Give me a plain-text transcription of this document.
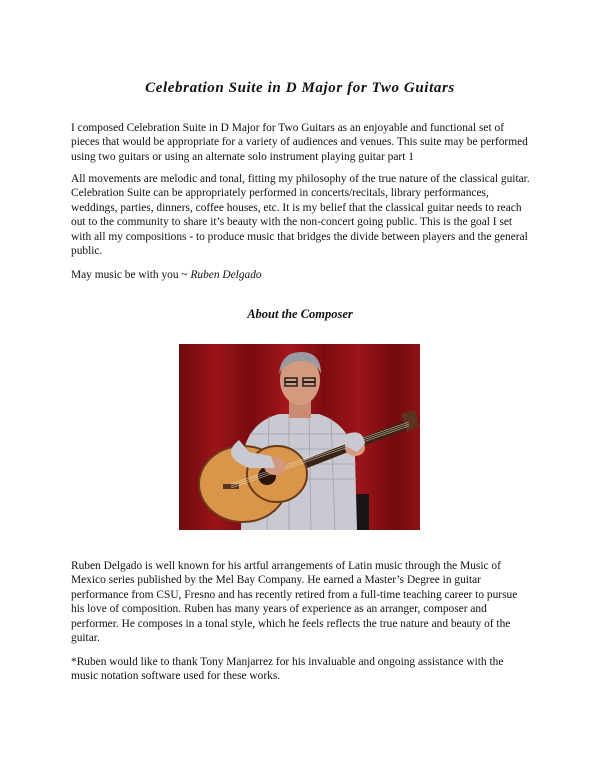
Celebration Suite in D Major for Two Guitars

I composed Celebration Suite in D Major for Two Guitars as an enjoyable and functional set of pieces that would be appropriate for a variety of audiences and venues. This suite may be performed using two guitars or using an alternate solo instrument playing guitar part 1

All movements are melodic and tonal, fitting my philosophy of the true nature of the classical guitar. Celebration Suite can be appropriately performed in concerts/recitals, library performances, weddings, parties, dinners, coffee houses, etc. It is my belief that the classical guitar needs to reach out to the community to share it’s beauty with the non-concert going public. This is the goal I set with all my compositions - to produce music that bridges the divide between players and the general public.

May music be with you ~ Ruben Delgado

About the Composer

Ruben Delgado is well known for his artful arrangements of Latin music through the Music of Mexico series published by the Mel Bay Company. He earned a Master’s Degree in guitar performance from CSU, Fresno and has recently retired from a full-time teaching career to pursue his love of composition. Ruben has many years of experience as an arranger, composer and performer. He composes in a tonal style, which he feels reflects the true nature and beauty of the guitar.

*Ruben would like to thank Tony Manjarrez for his invaluable and ongoing assistance with the music notation software used for these works.
